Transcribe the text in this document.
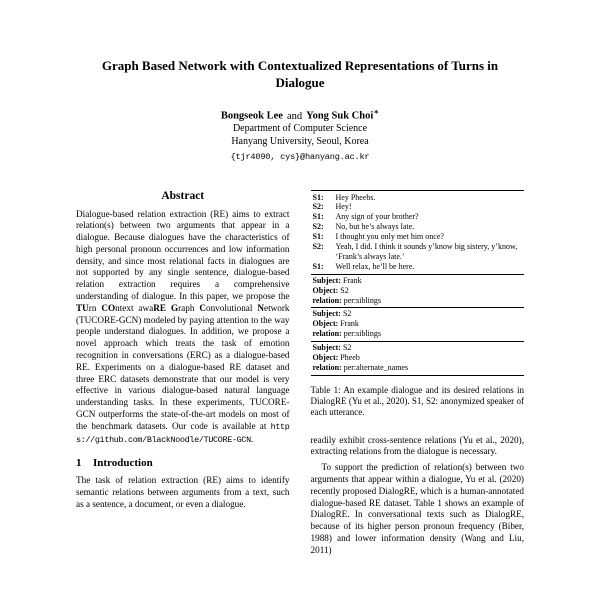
Graph Based Network with Contextualized Representations of Turns in Dialogue
Bongseok Lee and Yong Suk Choi∗
Department of Computer Science
Hanyang University, Seoul, Korea
{tjr4090, cys}@hanyang.ac.kr
Abstract

Dialogue-based relation extraction (RE) aims to extract relation(s) between two arguments that appear in a dialogue. Because dialogues have the characteristics of high personal pronoun occurrences and low information density, and since most relational facts in dialogues are not supported by any single sentence, dialogue-based relation extraction requires a comprehensive understanding of dialogue. In this paper, we propose the TUrn COntext awaRE Graph Convolutional Network (TUCORE-GCN) modeled by paying attention to the way people understand dialogues. In addition, we propose a novel approach which treats the task of emotion recognition in conversations (ERC) as a dialogue-based RE. Experiments on a dialogue-based RE dataset and three ERC datasets demonstrate that our model is very effective in various dialogue-based natural language understanding tasks. In these experiments, TUCORE-GCN outperforms the state-of-the-art models on most of the benchmark datasets. Our code is available at https://github.com/BlackNoodle/TUCORE-GCN.

1	Introduction

The task of relation extraction (RE) aims to identify semantic relations between arguments from a text, such as a sentence, a document, or even a dialogue.

S1:	Hey Pheebs.
S2:	Hey!
S1:	Any sign of your brother?
S2:	No, but he’s always late.
S1:	I thought you only met him once?
S2:	Yeah, I did. I think it sounds y’know big sistery, y’know, ‘Frank’s always late.’
S1:	Well relax, he’ll be here.
Subject: Frank
Object: S2
relation: per:siblings
Subject: S2
Object: Frank
relation: per:siblings
Subject: S2
Object: Pheeb
relation: per:alternate_names

Table 1: An example dialogue and its desired relations in DialogRE (Yu et al., 2020). S1, S2: anonymized speaker of each utterance.

readily exhibit cross-sentence relations (Yu et al., 2020), extracting relations from the dialogue is necessary.

To support the prediction of relation(s) between two arguments that appear within a dialogue, Yu et al. (2020) recently proposed DialogRE, which is a human-annotated dialogue-based RE dataset. Table 1 shows an example of DialogRE. In conversational texts such as DialogRE, because of its higher person pronoun frequency (Biber, 1988) and lower information density (Wang and Liu, 2011)
